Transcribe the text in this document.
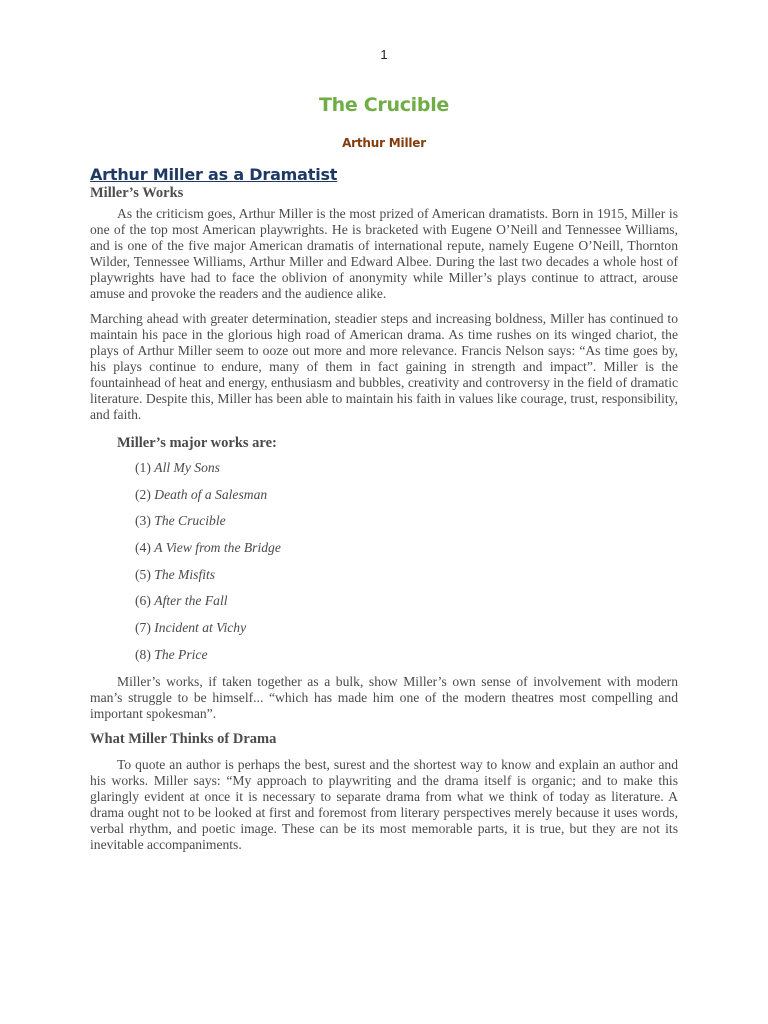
1
The Crucible
Arthur Miller
Arthur Miller as a Dramatist

Miller’s Works

As the criticism goes, Arthur Miller is the most prized of American dramatists. Born in 1915, Miller is one of the top most American playwrights. He is bracketed with Eugene O’Neill and Tennessee Williams, and is one of the five major American dramatis of international repute, namely Eugene O’Neill, Thornton Wilder, Tennessee Williams, Arthur Miller and Edward Albee. During the last two decades a whole host of playwrights have had to face the oblivion of anonymity while Miller’s plays continue to attract, arouse amuse and provoke the readers and the audience alike.

Marching ahead with greater determination, steadier steps and increasing boldness, Miller has continued to maintain his pace in the glorious high road of American drama. As time rushes on its winged chariot, the plays of Arthur Miller seem to ooze out more and more relevance. Francis Nelson says: “As time goes by, his plays continue to endure, many of them in fact gaining in strength and impact”. Miller is the fountainhead of heat and energy, enthusiasm and bubbles, creativity and controversy in the field of dramatic literature. Despite this, Miller has been able to maintain his faith in values like courage, trust, responsibility, and faith.

Miller’s major works are:

(1) All My Sons
(2) Death of a Salesman
(3) The Crucible
(4) A View from the Bridge
(5) The Misfits
(6) After the Fall
(7) Incident at Vichy
(8) The Price

Miller’s works, if taken together as a bulk, show Miller’s own sense of involvement with modern man’s struggle to be himself... “which has made him one of the modern theatres most compelling and important spokesman”.

What Miller Thinks of Drama

To quote an author is perhaps the best, surest and the shortest way to know and explain an author and his works. Miller says: “My approach to playwriting and the drama itself is organic; and to make this glaringly evident at once it is necessary to separate drama from what we think of today as literature. A drama ought not to be looked at first and foremost from literary perspectives merely because it uses words, verbal rhythm, and poetic image. These can be its most memorable parts, it is true, but they are not its inevitable accompaniments.
